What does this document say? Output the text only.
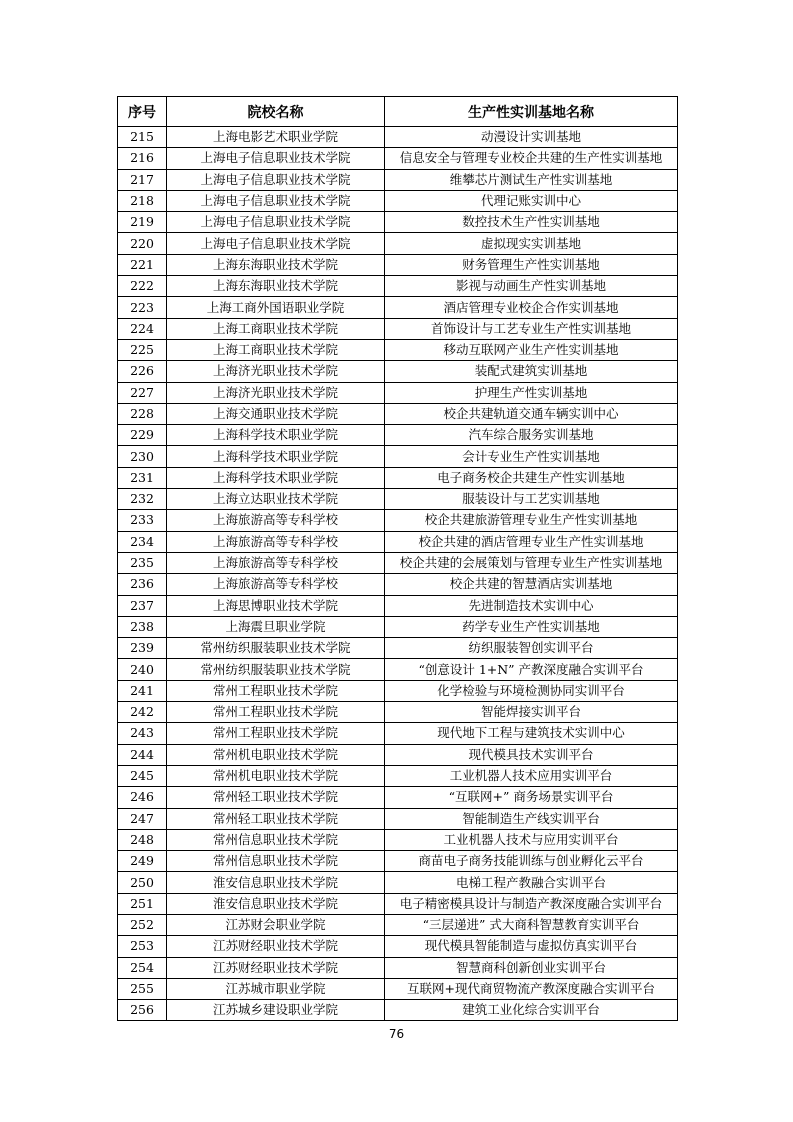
序号	院校名称	生产性实训基地名称
215	上海电影艺术职业学院	动漫设计实训基地
216	上海电子信息职业技术学院	信息安全与管理专业校企共建的生产性实训基地
217	上海电子信息职业技术学院	维攀芯片测试生产性实训基地
218	上海电子信息职业技术学院	代理记账实训中心
219	上海电子信息职业技术学院	数控技术生产性实训基地
220	上海电子信息职业技术学院	虚拟现实实训基地
221	上海东海职业技术学院	财务管理生产性实训基地
222	上海东海职业技术学院	影视与动画生产性实训基地
223	上海工商外国语职业学院	酒店管理专业校企合作实训基地
224	上海工商职业技术学院	首饰设计与工艺专业生产性实训基地
225	上海工商职业技术学院	移动互联网产业生产性实训基地
226	上海济光职业技术学院	装配式建筑实训基地
227	上海济光职业技术学院	护理生产性实训基地
228	上海交通职业技术学院	校企共建轨道交通车辆实训中心
229	上海科学技术职业学院	汽车综合服务实训基地
230	上海科学技术职业学院	会计专业生产性实训基地
231	上海科学技术职业学院	电子商务校企共建生产性实训基地
232	上海立达职业技术学院	服装设计与工艺实训基地
233	上海旅游高等专科学校	校企共建旅游管理专业生产性实训基地
234	上海旅游高等专科学校	校企共建的酒店管理专业生产性实训基地
235	上海旅游高等专科学校	校企共建的会展策划与管理专业生产性实训基地
236	上海旅游高等专科学校	校企共建的智慧酒店实训基地
237	上海思博职业技术学院	先进制造技术实训中心
238	上海震旦职业学院	药学专业生产性实训基地
239	常州纺织服装职业技术学院	纺织服装智创实训平台
240	常州纺织服装职业技术学院	“创意设计 1+N” 产教深度融合实训平台
241	常州工程职业技术学院	化学检验与环境检测协同实训平台
242	常州工程职业技术学院	智能焊接实训平台
243	常州工程职业技术学院	现代地下工程与建筑技术实训中心
244	常州机电职业技术学院	现代模具技术实训平台
245	常州机电职业技术学院	工业机器人技术应用实训平台
246	常州轻工职业技术学院	“互联网+” 商务场景实训平台
247	常州轻工职业技术学院	智能制造生产线实训平台
248	常州信息职业技术学院	工业机器人技术与应用实训平台
249	常州信息职业技术学院	商苗电子商务技能训练与创业孵化云平台
250	淮安信息职业技术学院	电梯工程产教融合实训平台
251	淮安信息职业技术学院	电子精密模具设计与制造产教深度融合实训平台
252	江苏财会职业学院	“三层递进” 式大商科智慧教育实训平台
253	江苏财经职业技术学院	现代模具智能制造与虚拟仿真实训平台
254	江苏财经职业技术学院	智慧商科创新创业实训平台
255	江苏城市职业学院	互联网+现代商贸物流产教深度融合实训平台
256	江苏城乡建设职业学院	建筑工业化综合实训平台
76
